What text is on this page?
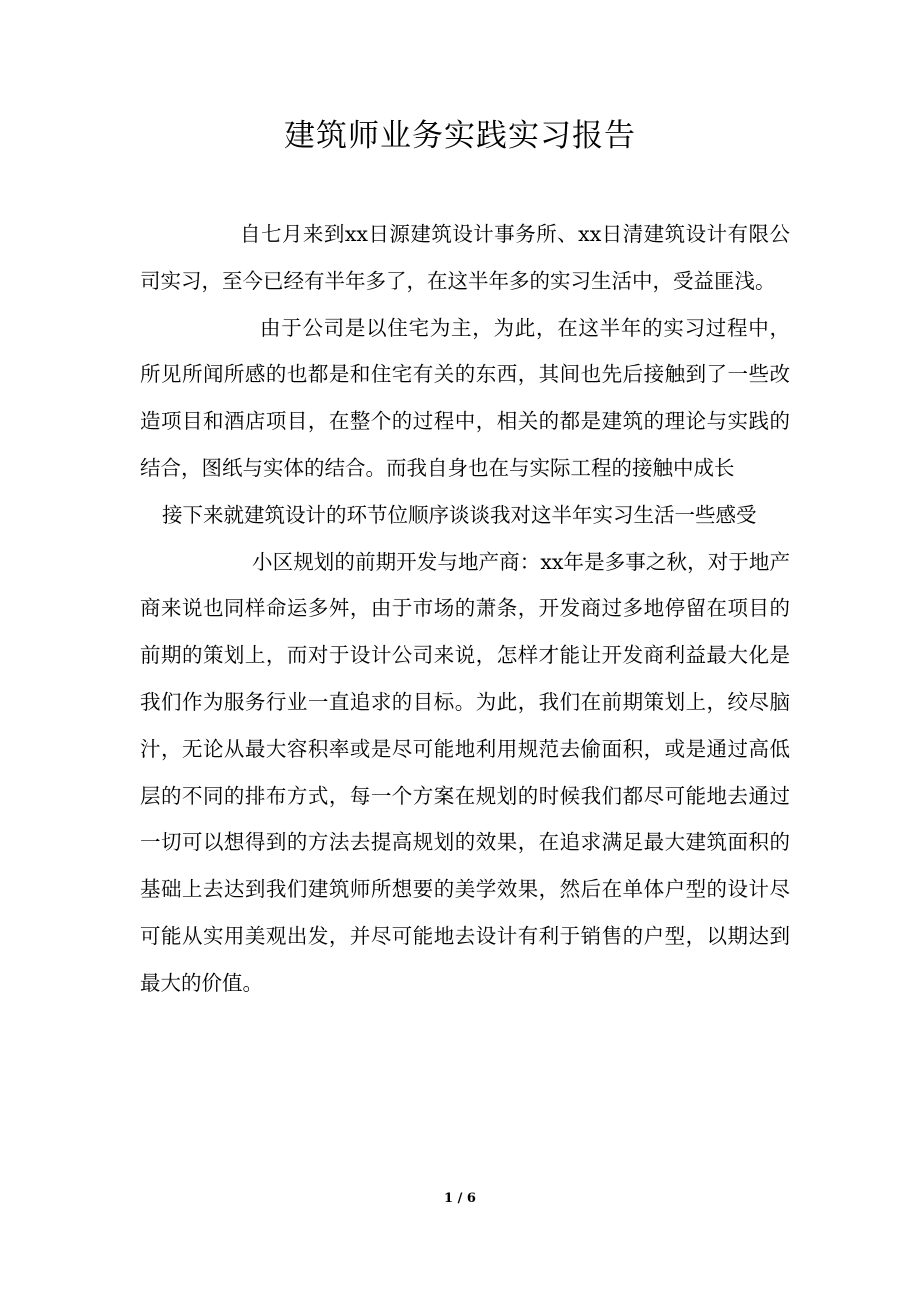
建筑师业务实践实习报告

自七月来到xx日源建筑设计事务所、xx日清建筑设计有限公司实习，至今已经有半年多了，在这半年多的实习生活中，受益匪浅。

由于公司是以住宅为主，为此，在这半年的实习过程中，所见所闻所感的也都是和住宅有关的东西，其间也先后接触到了一些改造项目和酒店项目，在整个的过程中，相关的都是建筑的理论与实践的结合，图纸与实体的结合。而我自身也在与实际工程的接触中成长

接下来就建筑设计的环节位顺序谈谈我对这半年实习生活一些感受

小区规划的前期开发与地产商：xx年是多事之秋，对于地产商来说也同样命运多舛，由于市场的萧条，开发商过多地停留在项目的前期的策划上，而对于设计公司来说，怎样才能让开发商利益最大化是我们作为服务行业一直追求的目标。为此，我们在前期策划上，绞尽脑汁，无论从最大容积率或是尽可能地利用规范去偷面积，或是通过高低层的不同的排布方式，每一个方案在规划的时候我们都尽可能地去通过一切可以想得到的方法去提高规划的效果，在追求满足最大建筑面积的基础上去达到我们建筑师所想要的美学效果，然后在单体户型的设计尽可能从实用美观出发，并尽可能地去设计有利于销售的户型，以期达到最大的价值。

1 / 6
